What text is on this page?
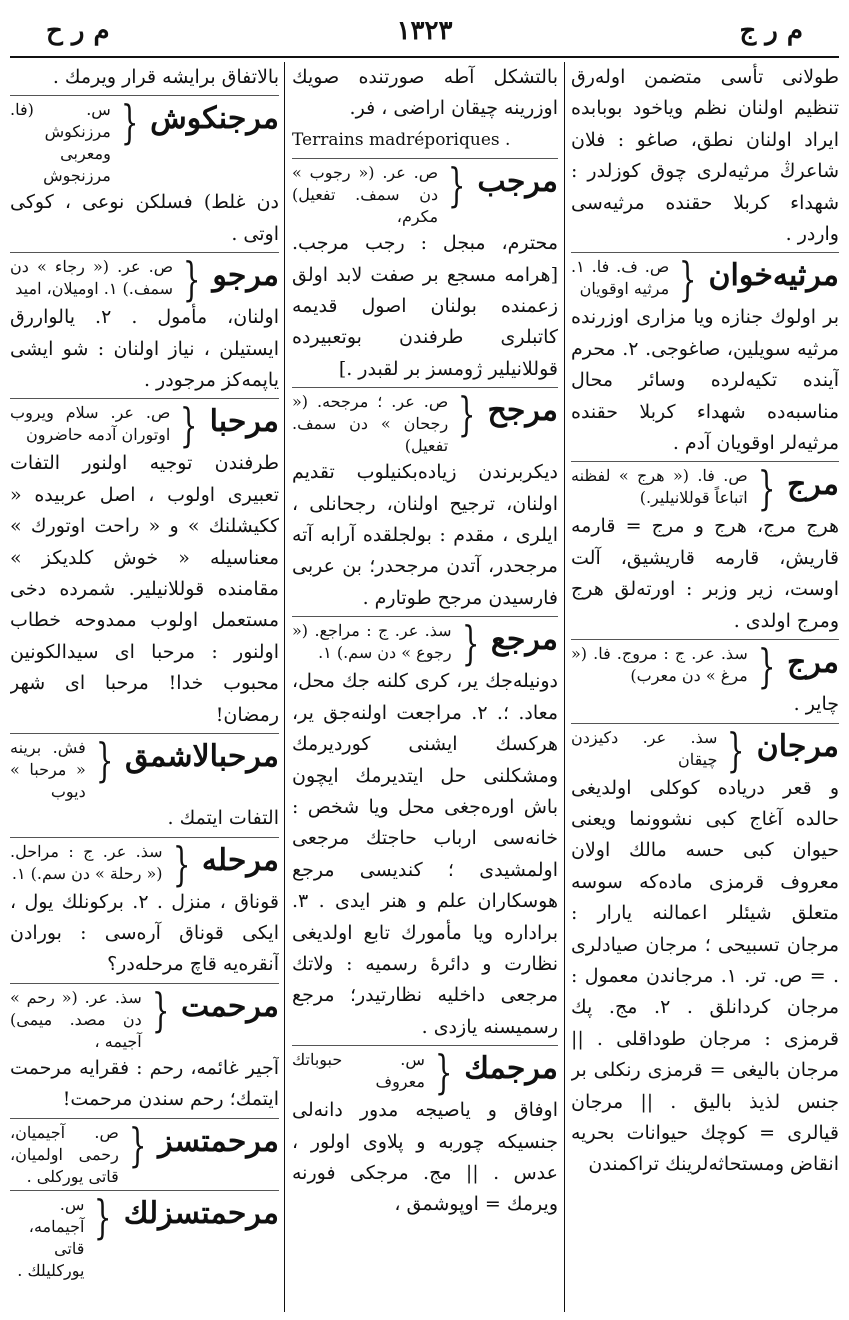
م ر ج
۱۳۲۳
م ر ح
طولانی تأسی متضمن اولەرق تنظیم اولنان نظم ویاخود بوبابدە ایراد اولنان نطق، صاغو : فلان شاعرڭ مرثیەلری چوق کوزلدر : شهداء کربلا حقندە مرثیەسی واردر .
مرثیەخوان
{
ص. ف. فا. ۱. مرثیە اوقویان
بر اولوك جنازە ویا مزاری اوزرندە مرثیە سویلین، صاغوجی. ۲. محرم آیندە تکیەلردە وسائر محال مناسبەدە شهداء کربلا حقندە مرثیەلر اوقویان آدم .
مرج
{
ص. فا. (« هرج » لفظنه اتباعاً قوللانیلیر.)
هرج مرج، هرج و مرج = قارمه قاریش، قارمه قاریشیق، آلت اوست، زیر وزبر : اورتەلق هرج ومرج اولدی .
مرج
{
سذ. عر. ج : مروج. فا. (« مرغ » دن معرب)
چایر .
مرجان
{
سذ. عر. دکیزدن چیقان
و قعر دریادە کوکلی اولدیغی حالدە آغاج کبی نشوونما ویعنی حیوان کبی حسه مالك اولان معروف قرمزی مادەکە سوسه متعلق شیئلر اعمالنه یارار : مرجان تسبیحی ؛ مرجان صیادلری . = ص. تر. ۱. مرجاندن معمول : مرجان کردانلق . ۲. مج. پك قرمزی : مرجان طوداقلی . || مرجان بالیغی = قرمزی رنکلی بر جنس لذیذ بالیق . || مرجان قیالری = کوچك حیوانات بحریه انقاض ومستحاثەلرینك تراکمندن
بالتشکل آطه صورتندە صویك اوزرینه چیقان اراضی ، فر.
Terrains madréporiques .
مرجب
{
ص. عر. (« رجوب » دن سمف. تفعیل) مکرم،
محترم، مبجل : رجب مرجب. [هرامه مسجع بر صفت لابد اولق زعمندە بولنان اصول قدیمه کاتبلری طرفندن بوتعبیرده قوللانیلیر ژومسز بر لقبدر .]
مرجح
{
ص. عر. ؛ مرجحه. (« رجحان » دن سمف. تفعیل)
دیکربرندن زیادەبکنیلوب تقدیم اولنان، ترجیح اولنان، رجحانلی ، ایلری ، مقدم : بولجلقدە آرابه آته مرجحدر، آتدن مرجحدر؛ بن عربی فارسیدن مرجح طوتارم .
مرجع
{
سذ. عر. ج : مراجع. (« رجوع » دن سم.) ۱.
دونیلەجك یر، کری کلنه جك محل، معاد. ؛. ۲. مراجعت اولنەجق یر، هرکسك ایشنی کوردیرمك ومشکلنی حل ایتدیرمك ایچون باش اورەجغی محل ویا شخص : خانەسی ارباب حاجتك مرجعی اولمشیدی ؛ کندیسی مرجع هوسکاران علم و هنر ایدی . ۳. برادارە ویا مأمورك تابع اولدیغی نظارت و دائرۀ رسمیه : ولاتك مرجعی داخلیه نظارتیدر؛ مرجع رسمیسنه یازدی .
مرجمك
{
س. حبوباتك معروف
اوفاق و یاصیجه مدور دانەلی جنسیکه چوربه و پلاوی اولور ، عدس . || مج. مرجکی فورنه ویرمك = اوپوشمق ،
بالاتفاق برایشه قرار ویرمك .
مرجنکوش
{
س. (فا. مرزنکوش ومعربی مرزنجوش
دن غلط) فسلکن نوعی ، کوکی اوتی .
مرجو
{
ص. عر. (« رجاء » دن سمف.) ۱. اومیلان، امید
اولنان، مأمول . ۲. یالواررق ایستیلن ، نیاز اولنان : شو ایشی یاپمەکز مرجودر .
مرحبا
{
ص. عر. سلام ویروب اوتوران آدمە حاضرون
طرفندن توجیه اولنور التفات تعبیری اولوب ، اصل عربیدە « ککیشلنك » و « راحت اوتورك » معناسیله « خوش کلدیکز » مقامندە قوللانیلیر. شمردە دخی مستعمل اولوب ممدوحه خطاب اولنور : مرحبا ای سیدالکونین محبوب خدا! مرحبا ای شهر رمضان!
مرحبالاشمق
{
فش. برینه « مرحبا » دیوب
التفات ایتمك .
مرحله
{
سذ. عر. ج : مراحل. (« رحلة » دن سم.) ۱.
قوناق ، منزل . ۲. برکونلك یول ، ایکی قوناق آرەسی : بورادن آنقرەیه قاچ مرحلەدر؟
مرحمت
{
سذ. عر. (« رحم » دن مصد. میمی) آجیمه ،
آجیر غائمه، رحم : فقرایه مرحمت ایتمك؛ رحم سندن مرحمت!
مرحمتسز
{
ص. آجیمیان، رحمی اولمیان، قاتی یورکلی .
مرحمتسزلك
{
س. آجیمامه، قاتی یورکلیلك .
